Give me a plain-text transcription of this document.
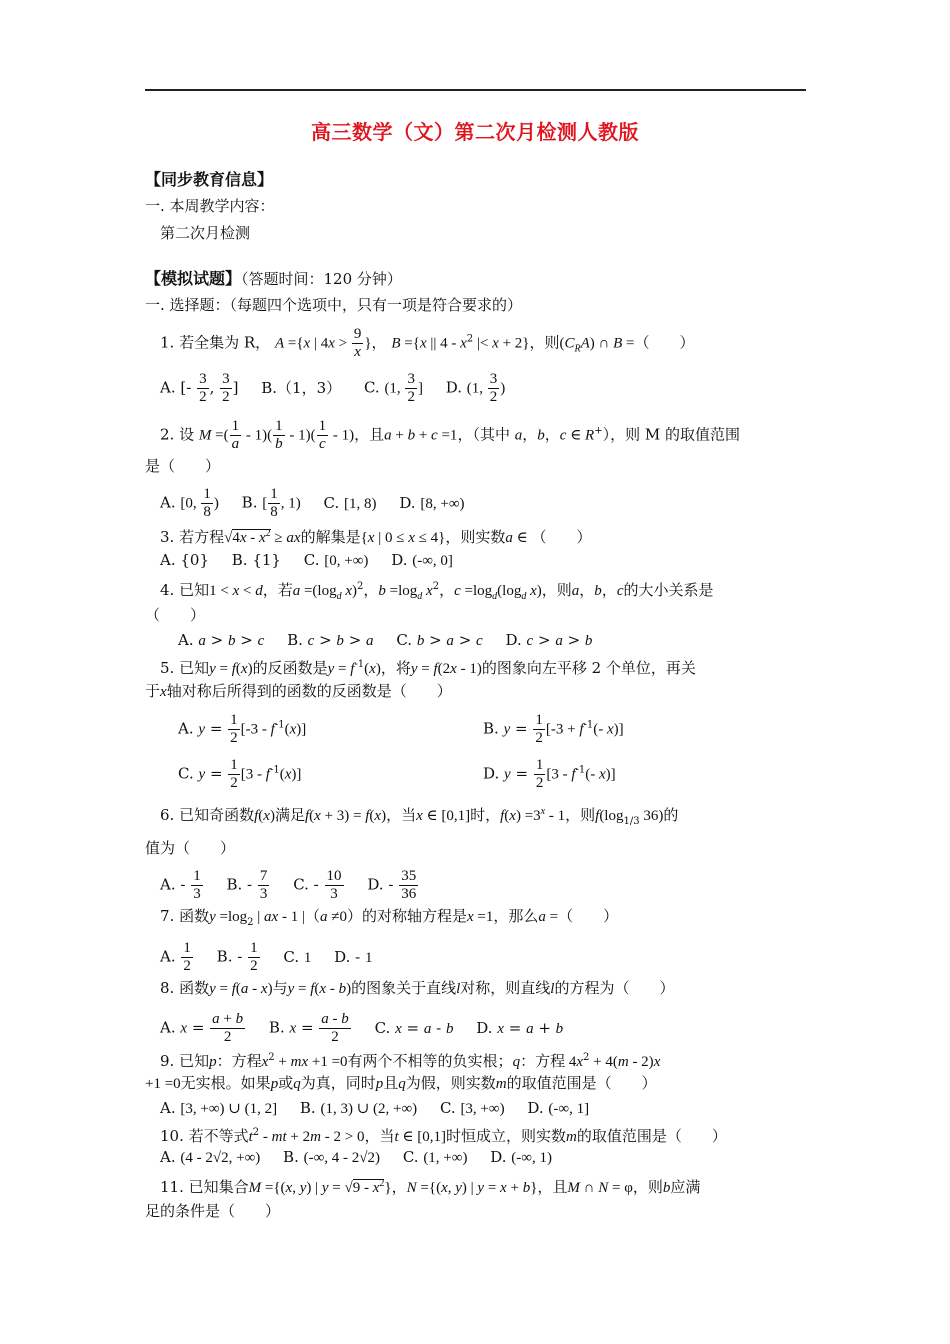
高三数学（文）第二次月检测人教版
【同步教育信息】
一. 本周教学内容：
第二次月检测
【模拟试题】（答题时间：120 分钟）
一. 选择题：（每题四个选项中，只有一项是符合要求的）
1. 若全集为 R， A ={x | $4x > \frac{9}{x}$ }， B ={x || $4 - x^2$ |< x + 2}，则$(C_RA)$ ∩ B =（　　）
A. [- $\frac{3}{2}$ , $\frac{3}{2}$ ] B.（1，3） C. (1, $\frac{3}{2}$ ] D. (1, $\frac{3}{2}$ )
2. 设 M =( $\frac{1}{a} - 1)( \frac{1}{b} - 1)( \frac{1}{c} - 1)$，且a + b + c =1，（其中 a，b，c ∈ R+），则 M 的取值范围
是（　　）
A. [0, $\frac{1}{8}$ ) B. [ $\frac{1}{8}$ , 1) C. [1, 8) D. [8, +∞)
3. 若方程$√4x - x^2$ ≥ ax的解集是{x | 0 ≤ x ≤ 4}，则实数a ∈ （　　）
A. {0} B. {1} C. [0, +∞) D. (-∞, 0]
4. 已知1 < x < d，若$a =(\log_d$ x)$^2$，$b =\log_d$ $x^2$，$c =\log_d(\log_d$ x)，则a，b，c的大小关系是
（　　）
A. a > b > c B. c > b > a C. b > a > c D. c > a > b
5. 已知y = f(x)的反函数是$y = f^{-1}(x)$，将y = f(2x - 1)的图象向左平移 2 个单位，再关
于x轴对称后所得到的函数的反函数是（　　）
A. $y = \frac{1}{2} [-3 - f^{-1}(x)]$	B. $y = \frac{1}{2} [-3 + f^{-1}(-$ x)]
C. $y = \frac{1}{2} [3 - f^{-1}(x)]$	D. $y = \frac{1}{2} [3 - f^{-1}(-$ x)]
6. 已知奇函数f(x)满足f(x + 3) = f(x)，当x ∈ [0,1]时，$f(x) =3^x - 1$，则$f(\log_{1/3}$ 36)的
值为（　　）
A. - $\frac{1}{3} B$. - $\frac{7}{3} C$. - $\frac{10}{3} D$. - $\frac{35}{36}$
7. 函数$y =\log_2$ | ax - 1 |（a ≠0）的对称轴方程是x =1，那么a =（　　）
A. $\frac{1}{2} B$. - $\frac{1}{2} C$. 1 D. - 1
8. 函数y = f(a - x)与y = f(x - b)的图象关于直线l对称，则直线l的方程为（　　）
A. $x = \frac{a + b}{2} B$. $x = \frac{a - b}{2} C$. x = a - b D. x = a + b
9. 已知p：方程$x^2$ + mx +1 =0有两个不相等的负实根；q：方程 $4x^2 + 4(m - 2)x$
+1 =0无实根。如果p或q为真，同时p且q为假，则实数m的取值范围是（　　）
A. [3, +∞) ∪ (1, 2] B. (1, 3) ∪ (2, +∞) C. [3, +∞) D. (-∞, 1]
10. 若不等式$t^2$ - mt + 2m - 2 > 0，当t ∈ [0,1]时恒成立，则实数m的取值范围是（　　）
A. (4 - 2√2, +∞) B. (-∞, 4 - 2√2) C. (1, +∞) D. (-∞, 1)
11. 已知集合M ={(x, y) | $y = √9 - x^2$}，N ={(x, y) | y = x + b}，且M ∩ N = φ，则b应满
足的条件是（　　）
